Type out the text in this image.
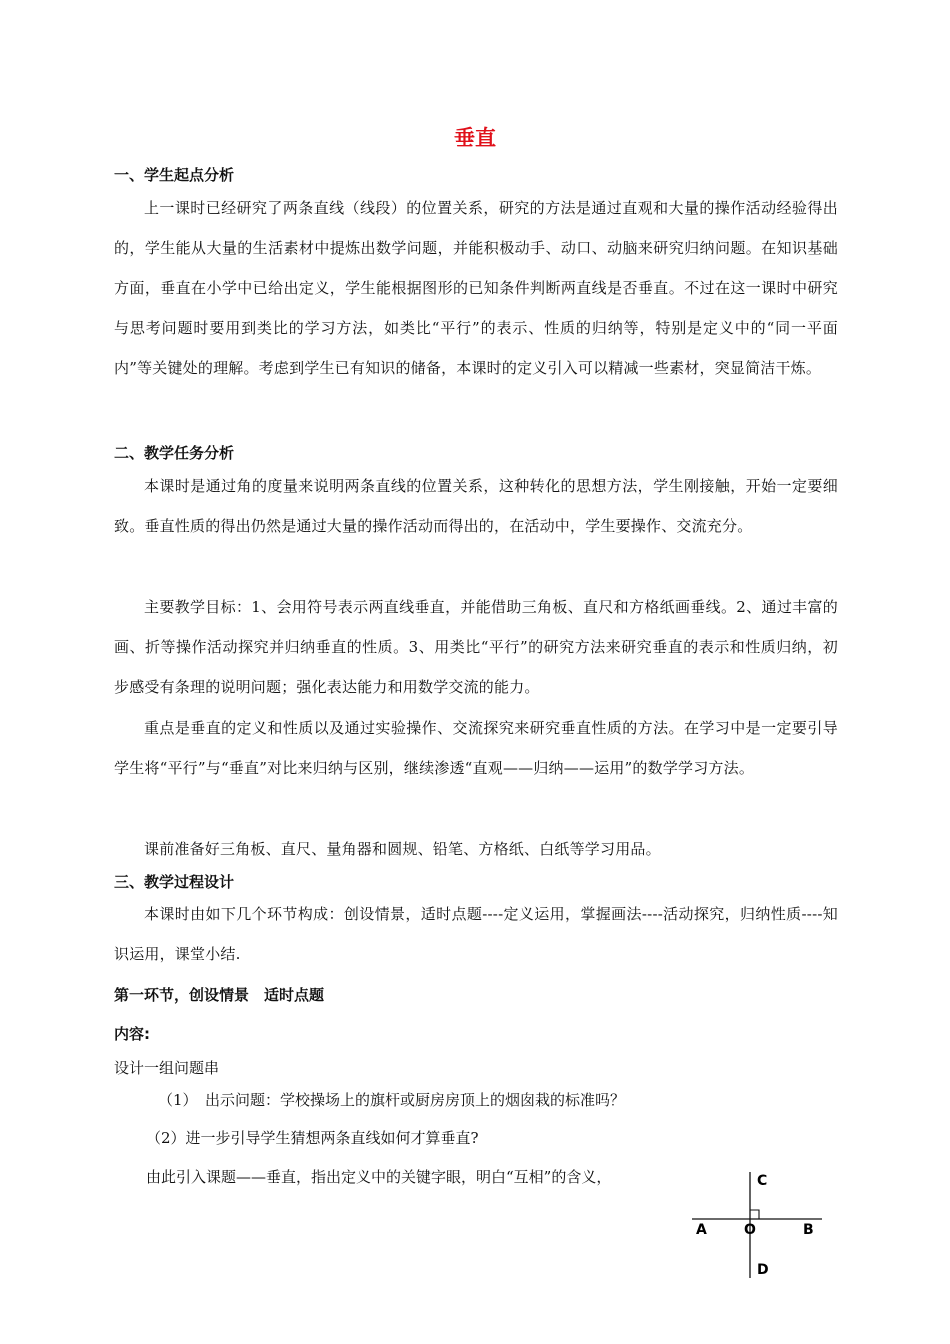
垂直
一、学生起点分析

上一课时已经研究了两条直线（线段）的位置关系，研究的方法是通过直观和大量的操作活动经验得出的，学生能从大量的生活素材中提炼出数学问题，并能积极动手、动口、动脑来研究归纳问题。在知识基础方面，垂直在小学中已给出定义，学生能根据图形的已知条件判断两直线是否垂直。不过在这一课时中研究与思考问题时要用到类比的学习方法，如类比“平行”的表示、性质的归纳等，特别是定义中的“同一平面内”等关键处的理解。考虑到学生已有知识的储备，本课时的定义引入可以精减一些素材，突显简洁干炼。

二、教学任务分析

本课时是通过角的度量来说明两条直线的位置关系，这种转化的思想方法，学生刚接触，开始一定要细致。垂直性质的得出仍然是通过大量的操作活动而得出的，在活动中，学生要操作、交流充分。

主要教学目标：1、会用符号表示两直线垂直，并能借助三角板、直尺和方格纸画垂线。2、通过丰富的画、折等操作活动探究并归纳垂直的性质。3、用类比“平行”的研究方法来研究垂直的表示和性质归纳，初步感受有条理的说明问题；强化表达能力和用数学交流的能力。

重点是垂直的定义和性质以及通过实验操作、交流探究来研究垂直性质的方法。在学习中是一定要引导学生将“平行”与“垂直”对比来归纳与区别，继续渗透“直观——归纳——运用”的数学学习方法。

课前准备好三角板、直尺、量角器和圆规、铅笔、方格纸、白纸等学习用品。

三、教学过程设计

本课时由如下几个环节构成：创设情景，适时点题----定义运用，掌握画法----活动探究，归纳性质----知识运用，课堂小结.

第一环节，创设情景　适时点题
内容:

设计一组问题串

（1）　出示问题：学校操场上的旗杆或厨房房顶上的烟囱栽的标准吗？

（2）进一步引导学生猜想两条直线如何才算垂直?

由此引入课题——垂直，指出定义中的关键字眼，明白“互相”的含义，

A	O	B
C
D
